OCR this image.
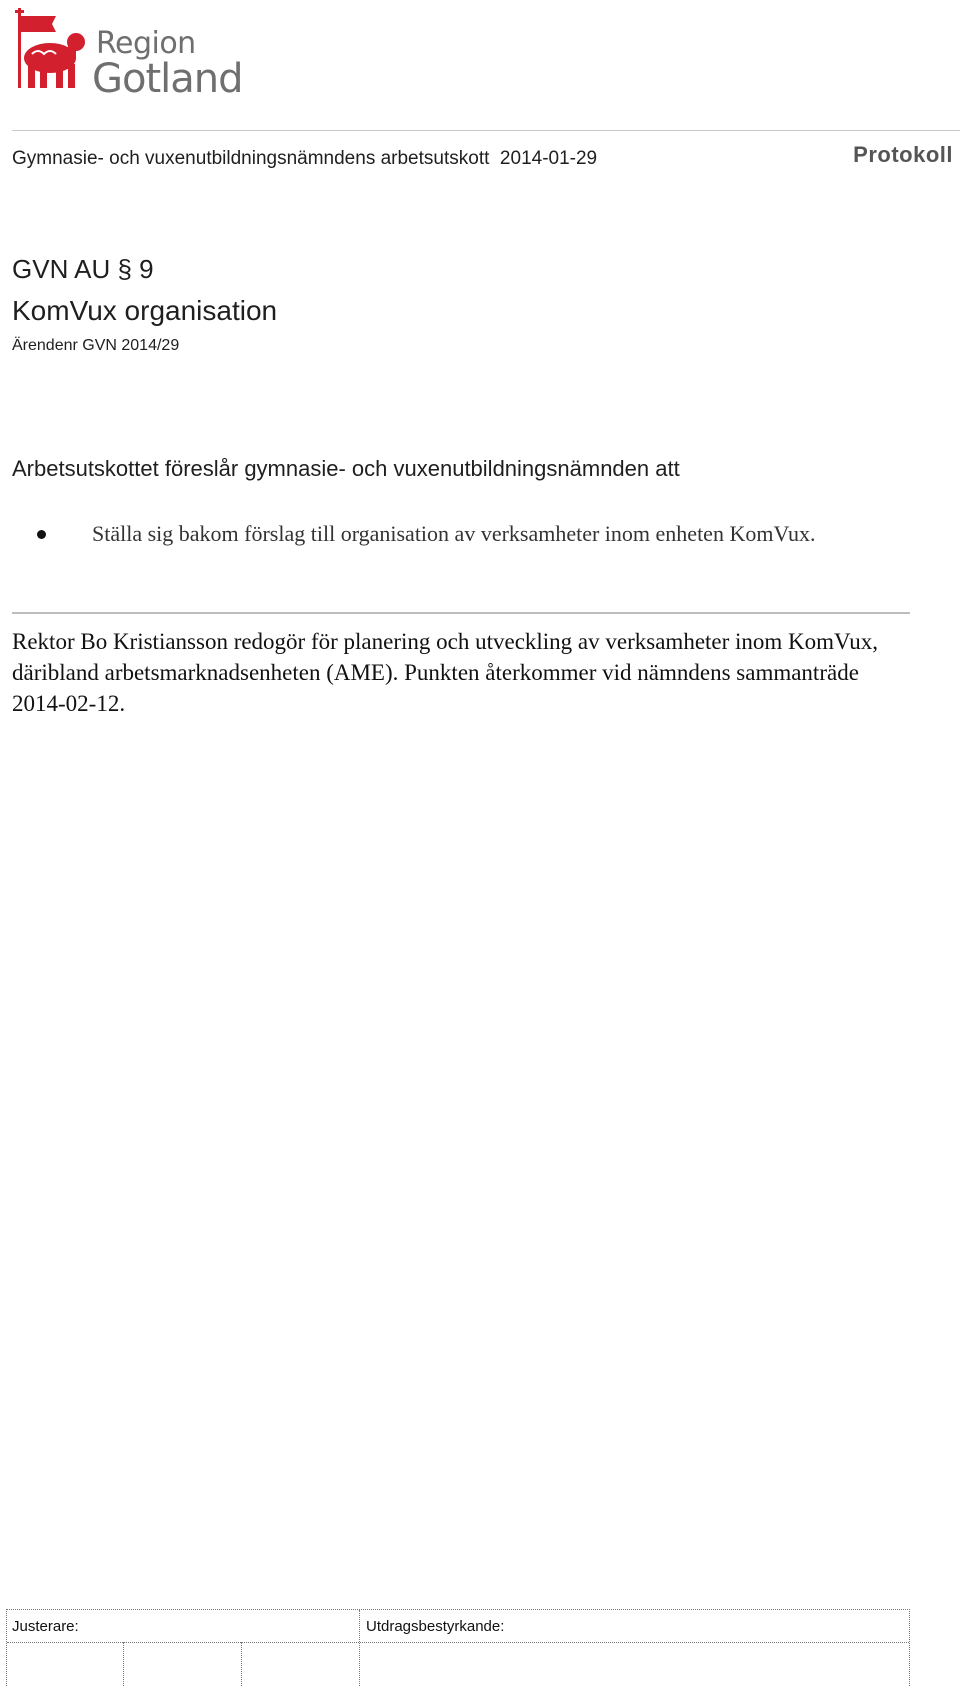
Region
Gotland
Gymnasie- och vuxenutbildningsnämndens arbetsutskott  2014-01-29	Protokoll
GVN AU § 9
KomVux organisation
Ärendenr GVN 2014/29
Arbetsutskottet föreslår gymnasie- och vuxenutbildningsnämnden att
Ställa sig bakom förslag till organisation av verksamheter inom enheten KomVux.
Rektor Bo Kristiansson redogör för planering och utveckling av verksamheter inom KomVux, däribland arbetsmarknadsenheten (AME). Punkten återkommer vid nämndens sammanträde 2014-02-12.
Justerare:	Utdragsbestyrkande:
